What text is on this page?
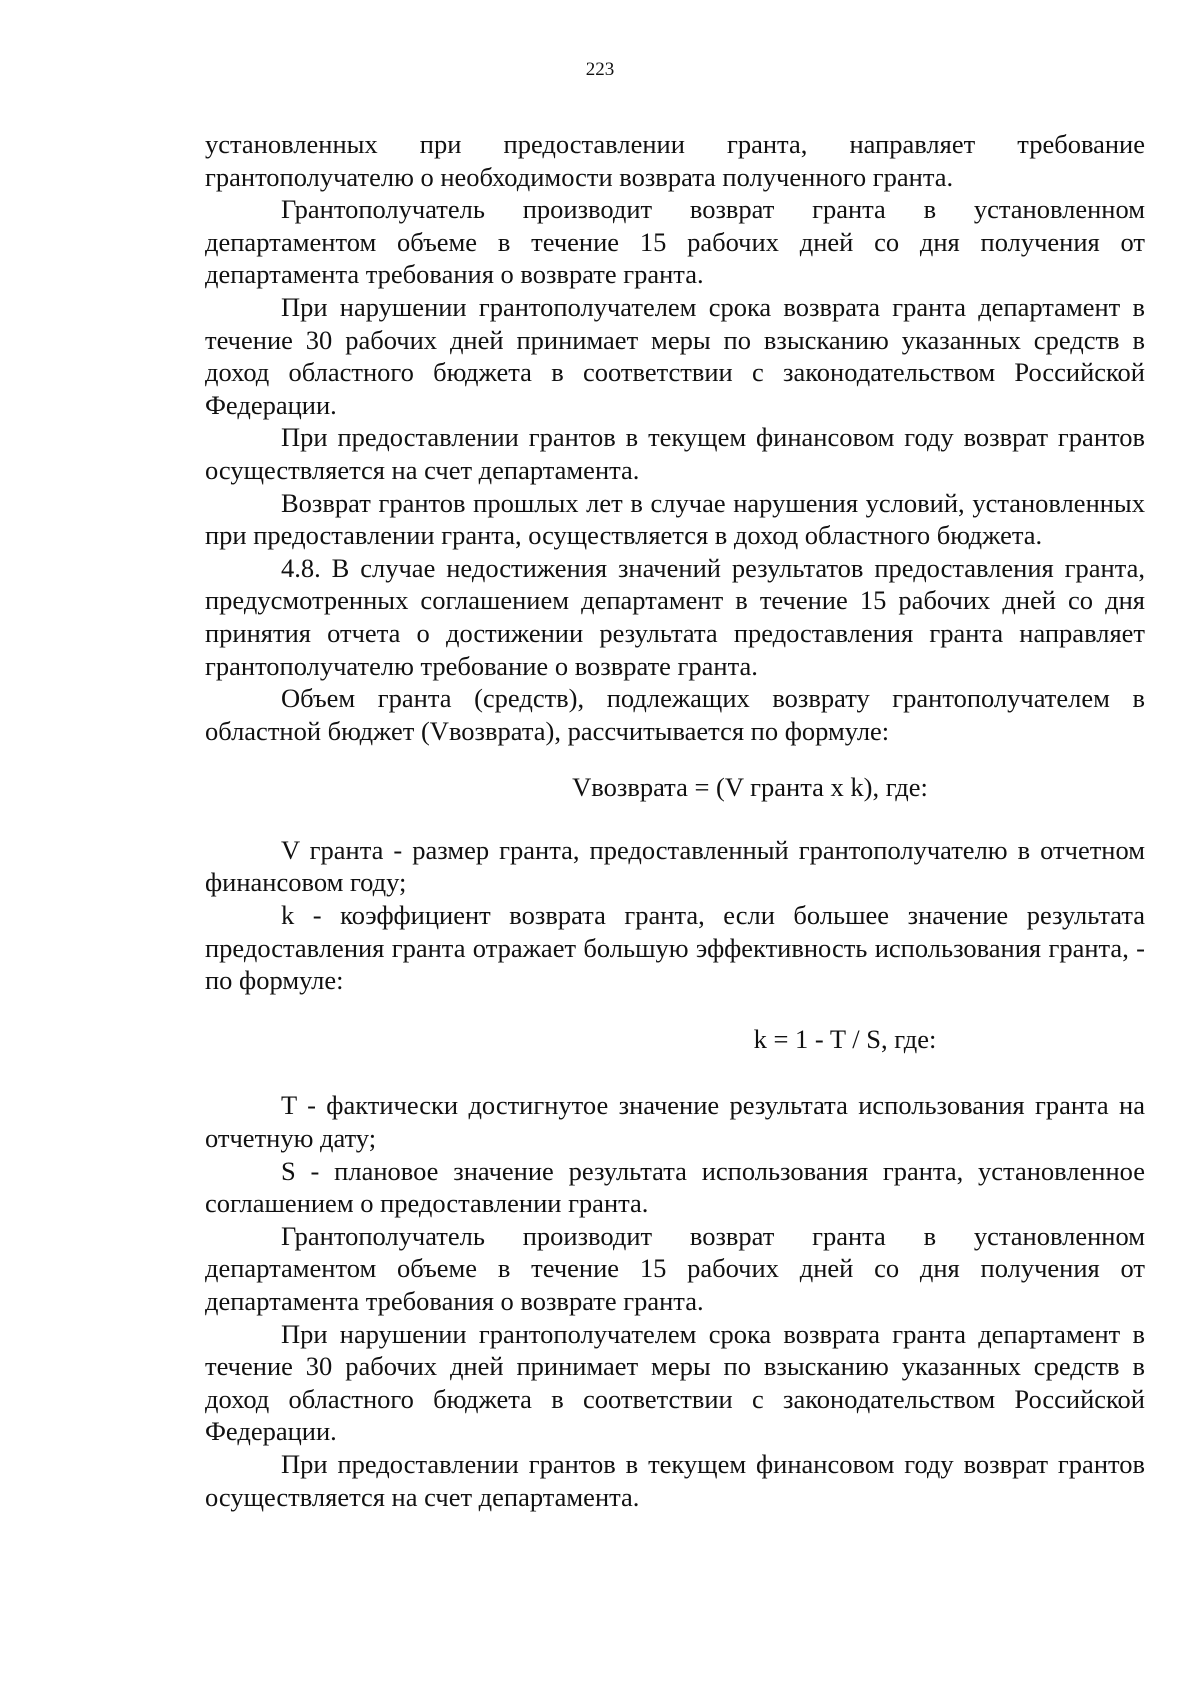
223

установленных при предоставлении гранта, направляет требование грантополучателю о необходимости возврата полученного гранта.

Грантополучатель производит возврат гранта в установленном департаментом объеме в течение 15 рабочих дней со дня получения от департамента требования о возврате гранта.

При нарушении грантополучателем срока возврата гранта департамент в течение 30 рабочих дней принимает меры по взысканию указанных средств в доход областного бюджета в соответствии с законодательством Российской Федерации.

При предоставлении грантов в текущем финансовом году возврат грантов осуществляется на счет департамента.

Возврат грантов прошлых лет в случае нарушения условий, установленных при предоставлении гранта, осуществляется в доход областного бюджета.

4.8. В случае недостижения значений результатов предоставления гранта, предусмотренных соглашением департамент в течение 15 рабочих дней со дня принятия отчета о достижении результата предоставления гранта направляет грантополучателю требование о возврате гранта.

Объем гранта (средств), подлежащих возврату грантополучателем в областной бюджет (Vвозврата), рассчитывается по формуле:

Vвозврата = (V гранта x k), где:

V гранта - размер гранта, предоставленный грантополучателю в отчетном финансовом году;

k - коэффициент возврата гранта, если большее значение результата предоставления гранта отражает большую эффективность использования гранта, - по формуле:

k = 1 - T / S, где:

T - фактически достигнутое значение результата использования гранта на отчетную дату;

S - плановое значение результата использования гранта, установленное соглашением о предоставлении гранта.

Грантополучатель производит возврат гранта в установленном департаментом объеме в течение 15 рабочих дней со дня получения от департамента требования о возврате гранта.

При нарушении грантополучателем срока возврата гранта департамент в течение 30 рабочих дней принимает меры по взысканию указанных средств в доход областного бюджета в соответствии с законодательством Российской Федерации.

При предоставлении грантов в текущем финансовом году возврат грантов осуществляется на счет департамента.
